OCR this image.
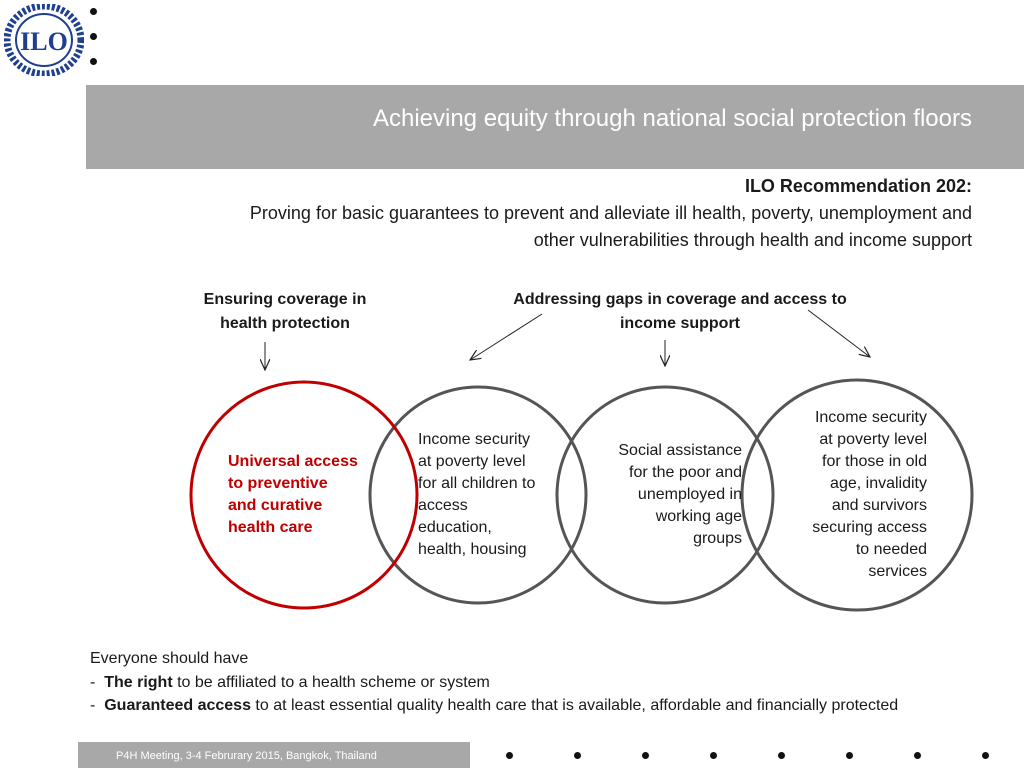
ILO
Achieving equity through national social protection floors
ILO Recommendation 202:
Proving for basic guarantees to prevent and alleviate ill health, poverty, unemployment and
other vulnerabilities through health and income support
Ensuring coverage in
health protection
Addressing gaps in coverage and access to
income support
Universal access
to preventive
and curative
health care
Income security
at poverty level
for all children to
access
education,
health, housing
Social assistance
for the poor and
unemployed in
working age
groups
Income security
at poverty level
for those in old
age, invalidity
and survivors
securing access
to needed
services
Everyone should have
-  The right to be affiliated to a health scheme or system
-  Guaranteed access to at least essential quality health care that is available, affordable and financially protected
P4H Meeting, 3-4 Februrary 2015, Bangkok, Thailand
